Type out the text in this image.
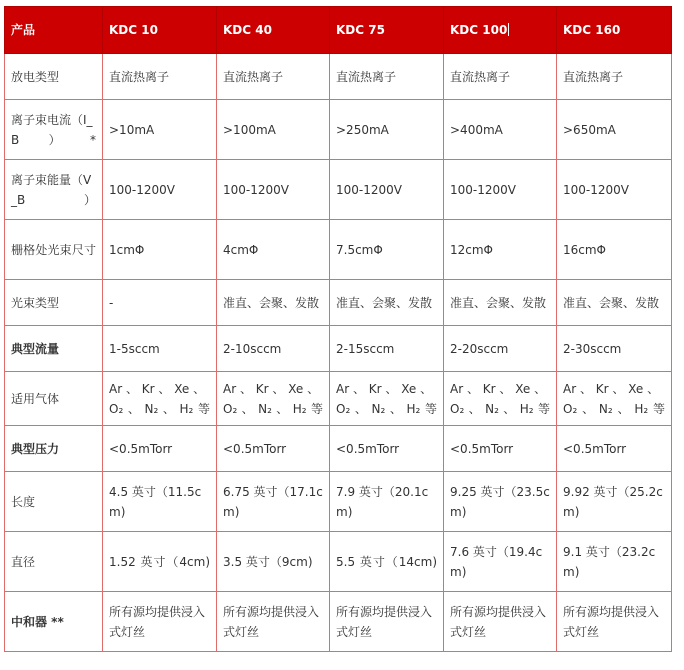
产品	KDC 10	KDC 40	KDC 75	KDC 100	KDC 160
放电类型	直流热离子	直流热离子	直流热离子	直流热离子	直流热离子
离子束电流（I_B）*	>10mA	>100mA	>250mA	>400mA	>650mA
离子束能量（V_B）	100-1200V	100-1200V	100-1200V	100-1200V	100-1200V
栅格处光束尺寸	1cmΦ	4cmΦ	7.5cmΦ	12cmΦ	16cmΦ
光束类型	-	准直、会聚、发散	准直、会聚、发散	准直、会聚、发散	准直、会聚、发散
典型流量	1-5sccm	2-10sccm	2-15sccm	2-20sccm	2-30sccm
适用气体	Ar 、 Kr 、 Xe 、 O₂、N₂、H₂等	Ar 、 Kr 、 Xe 、 O₂、N₂、H₂等	Ar 、 Kr 、 Xe 、 O₂、N₂、H₂等	Ar 、 Kr 、 Xe 、 O₂、N₂、H₂等	Ar 、 Kr 、 Xe 、 O₂、N₂、H₂等
典型压力	<0.5mTorr	<0.5mTorr	<0.5mTorr	<0.5mTorr	<0.5mTorr
长度	4.5 英寸（11.5cm)	6.75 英寸（17.1cm)	7.9 英寸（20.1cm)	9.25 英寸（23.5cm)	9.92 英寸（25.2cm)
直径	1.52 英寸（4cm)	3.5 英寸（9cm)	5.5 英寸（14cm)	7.6 英寸（19.4cm)	9.1 英寸（23.2cm)
中和器 **	所有源均提供浸入式灯丝	所有源均提供浸入式灯丝	所有源均提供浸入式灯丝	所有源均提供浸入式灯丝	所有源均提供浸入式灯丝
